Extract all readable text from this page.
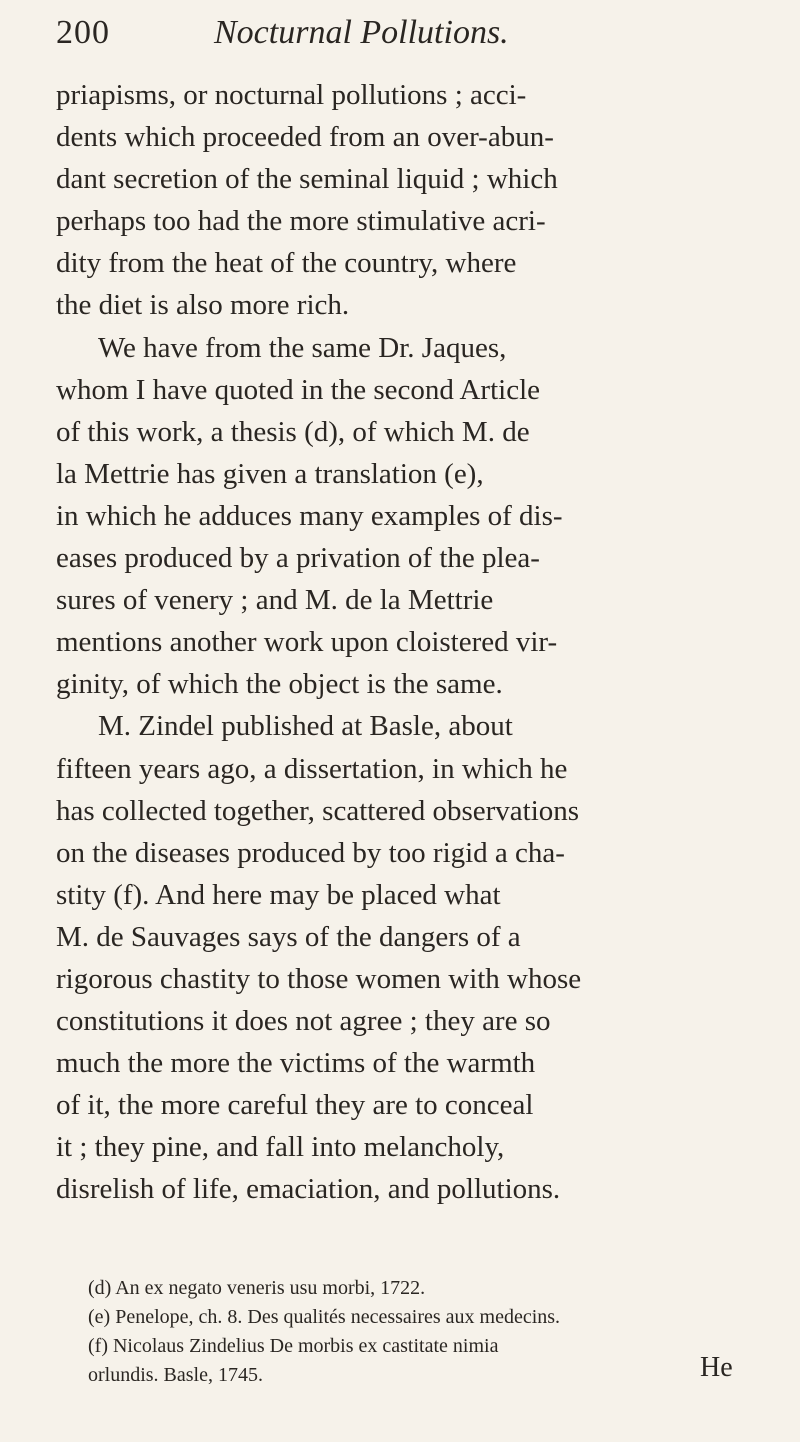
200	Nocturnal Pollutions.
priapisms, or nocturnal pollutions ; acci-
dents which proceeded from an over-abun-
dant secretion of the seminal liquid ; which
perhaps too had the more stimulative acri-
dity from the heat of the country, where
the diet is also more rich.
We have from the same Dr. Jaques,
whom I have quoted in the second Article
of this work, a thesis (d), of which M. de
la Mettrie has given a translation (e),
in which he adduces many examples of dis-
eases produced by a privation of the plea-
sures of venery ; and M. de la Mettrie
mentions another work upon cloistered vir-
ginity, of which the object is the same.
M. Zindel published at Basle, about
fifteen years ago, a dissertation, in which he
has collected together, scattered observations
on the diseases produced by too rigid a cha-
stity (f). And here may be placed what
M. de Sauvages says of the dangers of a
rigorous chastity to those women with whose
constitutions it does not agree ; they are so
much the more the victims of the warmth
of it, the more careful they are to conceal
it ; they pine, and fall into melancholy,
disrelish of life, emaciation, and pollutions.
(d) An ex negato veneris usu morbi, 1722.
(e) Penelope, ch. 8. Des qualités necessaires aux medecins.
(f) Nicolaus Zindelius De morbis ex castitate nimia
orlundis. Basle, 1745.	He
